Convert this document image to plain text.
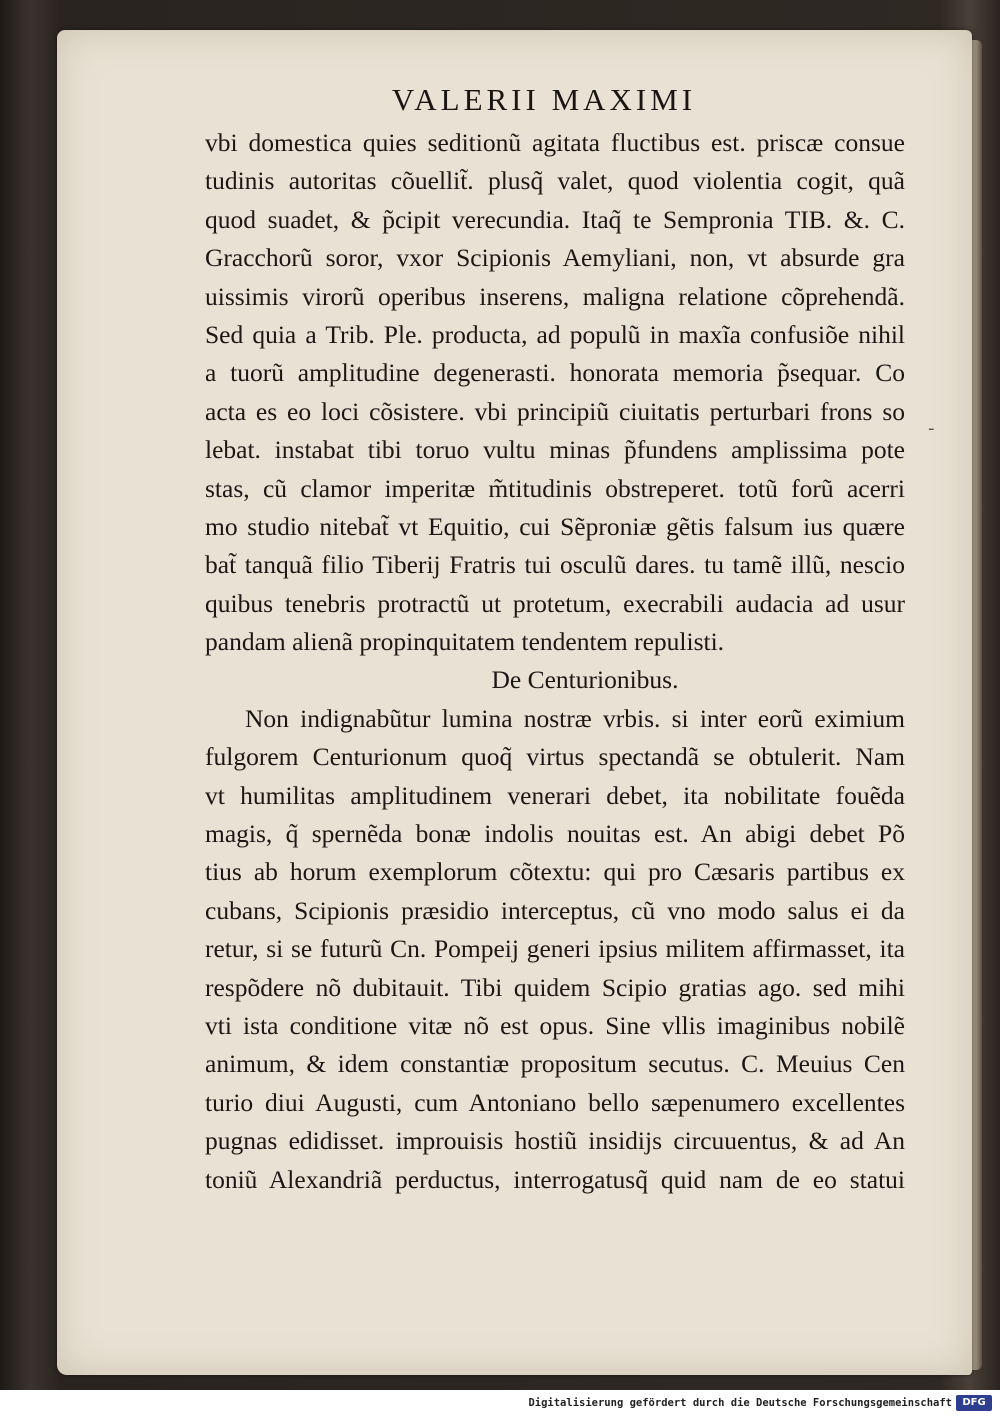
VALERII MAXIMI
vbi domestica quies seditionũ agitata fluctibus est. priscæ consue
tudinis autoritas cõuellit̃. plusq̃ valet, quod violentia cogit, quã
quod suadet, & p̃cipit verecundia. Itaq̃ te Sempronia TIB. &. C.
Gracchorũ soror, vxor Scipionis Aemyliani, non, vt absurde gra
uissimis virorũ operibus inserens, maligna relatione cõprehendã.
Sed quia a Trib. Ple. producta, ad populũ in maxĩa confusiõe nihil
a tuorũ amplitudine degenerasti. honorata memoria p̃sequar. Co
acta es eo loci cõsistere. vbi principiũ ciuitatis perturbari frons so
lebat. instabat tibi toruo vultu minas p̃fundens amplissima pote
stas, cũ clamor imperitæ m̃titudinis obstreperet. totũ forũ acerri
mo studio nitebat̃ vt Equitio, cui Sẽproniæ gẽtis falsum ius quære
bat̃ tanquã filio Tiberij Fratris tui osculũ dares. tu tamẽ illũ, nescio
quibus tenebris protractũ ut protetum, execrabili audacia ad usur
pandam alienã propinquitatem tendentem repulisti.
De Centurionibus.
Non indignabũtur lumina nostræ vrbis. si inter eorũ eximium
fulgorem Centurionum quoq̃ virtus spectandã se obtulerit. Nam
vt humilitas amplitudinem venerari debet, ita nobilitate fouẽda
magis, q̃ spernẽda bonæ indolis nouitas est. An abigi debet Põ
tius ab horum exemplorum cõtextu: qui pro Cæsaris partibus ex
cubans, Scipionis præsidio interceptus, cũ vno modo salus ei da
retur, si se futurũ Cn. Pompeij generi ipsius militem affirmasset, ita
respõdere nõ dubitauit. Tibi quidem Scipio gratias ago. sed mihi
vti ista conditione vitæ nõ est opus. Sine vllis imaginibus nobilẽ
animum, & idem constantiæ propositum secutus. C. Meuius Cen
turio diui Augusti, cum Antoniano bello sæpenumero excellentes
pugnas edidisset. improuisis hostiũ insidijs circuuentus, & ad An
toniũ Alexandriã perductus, interrogatusq̃ quid nam de eo statui
-
Digitalisierung gefördert durch die Deutsche Forschungsgemeinschaft	DFG
